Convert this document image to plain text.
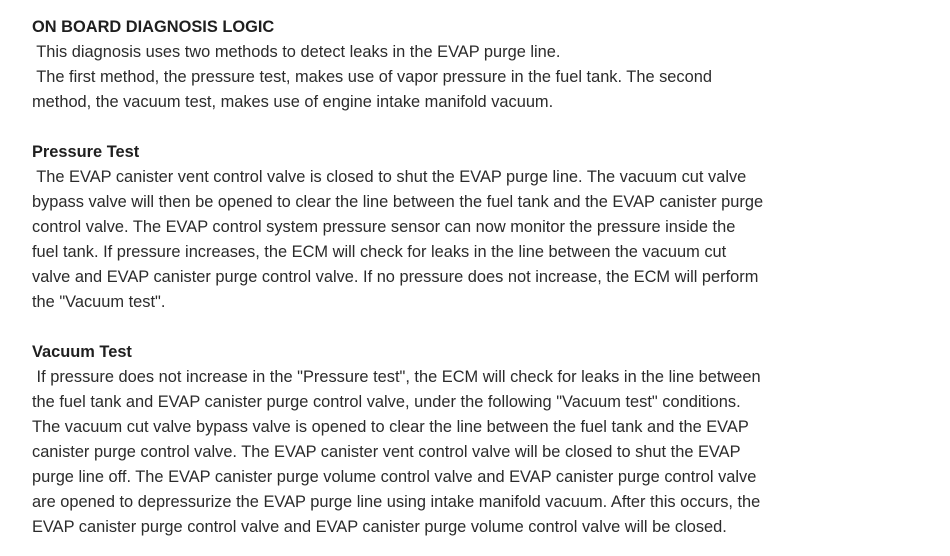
ON BOARD DIAGNOSIS LOGIC
This diagnosis uses two methods to detect leaks in the EVAP purge line.
The first method, the pressure test, makes use of vapor pressure in the fuel tank. The second
method, the vacuum test, makes use of engine intake manifold vacuum.
Pressure Test
The EVAP canister vent control valve is closed to shut the EVAP purge line. The vacuum cut valve
bypass valve will then be opened to clear the line between the fuel tank and the EVAP canister purge
control valve. The EVAP control system pressure sensor can now monitor the pressure inside the
fuel tank. If pressure increases, the ECM will check for leaks in the line between the vacuum cut
valve and EVAP canister purge control valve. If no pressure does not increase, the ECM will perform
the "Vacuum test".
Vacuum Test
If pressure does not increase in the "Pressure test", the ECM will check for leaks in the line between
the fuel tank and EVAP canister purge control valve, under the following "Vacuum test" conditions.
The vacuum cut valve bypass valve is opened to clear the line between the fuel tank and the EVAP
canister purge control valve. The EVAP canister vent control valve will be closed to shut the EVAP
purge line off. The EVAP canister purge volume control valve and EVAP canister purge control valve
are opened to depressurize the EVAP purge line using intake manifold vacuum. After this occurs, the
EVAP canister purge control valve and EVAP canister purge volume control valve will be closed.
